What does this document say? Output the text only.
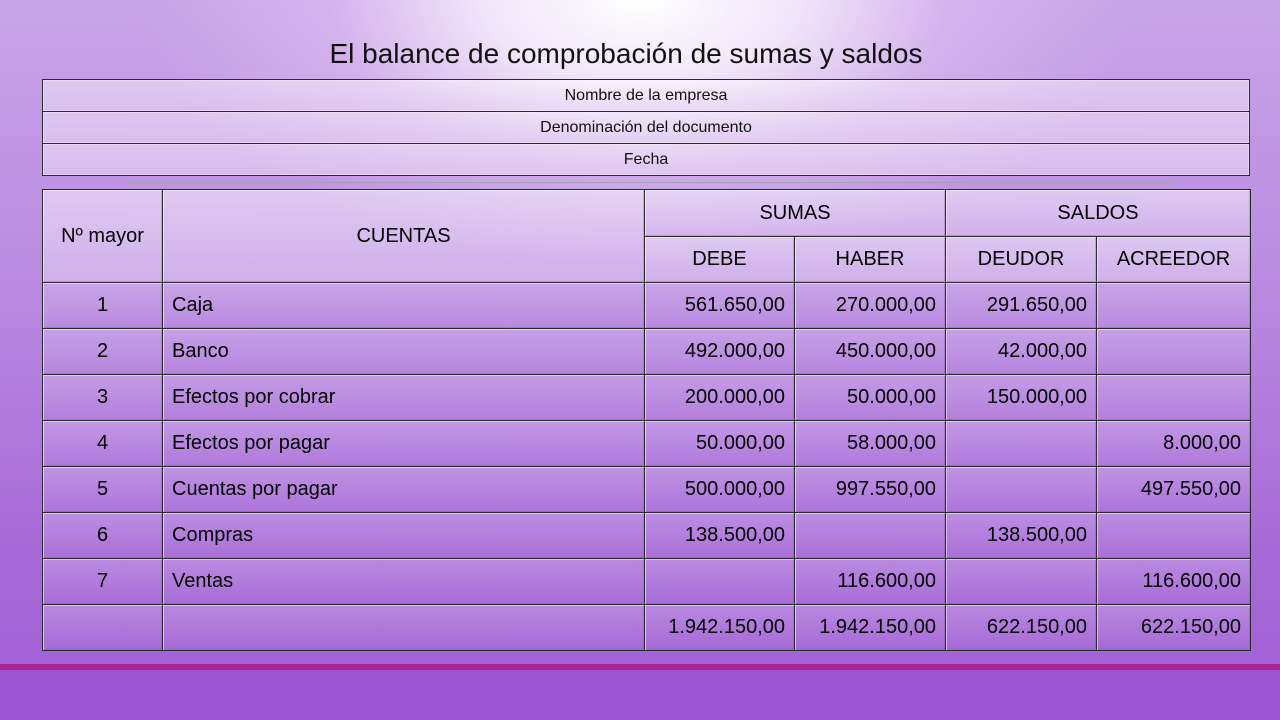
El balance de comprobación de sumas y saldos
Nombre de la empresa
Denominación del documento
Fecha
Nº mayor	CUENTAS	SUMAS		SALDOS	
		DEBE	HABER	DEUDOR	ACREEDOR
1	Caja	561.650,00	270.000,00	291.650,00	
2	Banco	492.000,00	450.000,00	42.000,00	
3	Efectos por cobrar	200.000,00	50.000,00	150.000,00	
4	Efectos por pagar	50.000,00	58.000,00		8.000,00
5	Cuentas por pagar	500.000,00	997.550,00		497.550,00
6	Compras	138.500,00		138.500,00	
7	Ventas		116.600,00		116.600,00
		1.942.150,00	1.942.150,00	622.150,00	622.150,00
